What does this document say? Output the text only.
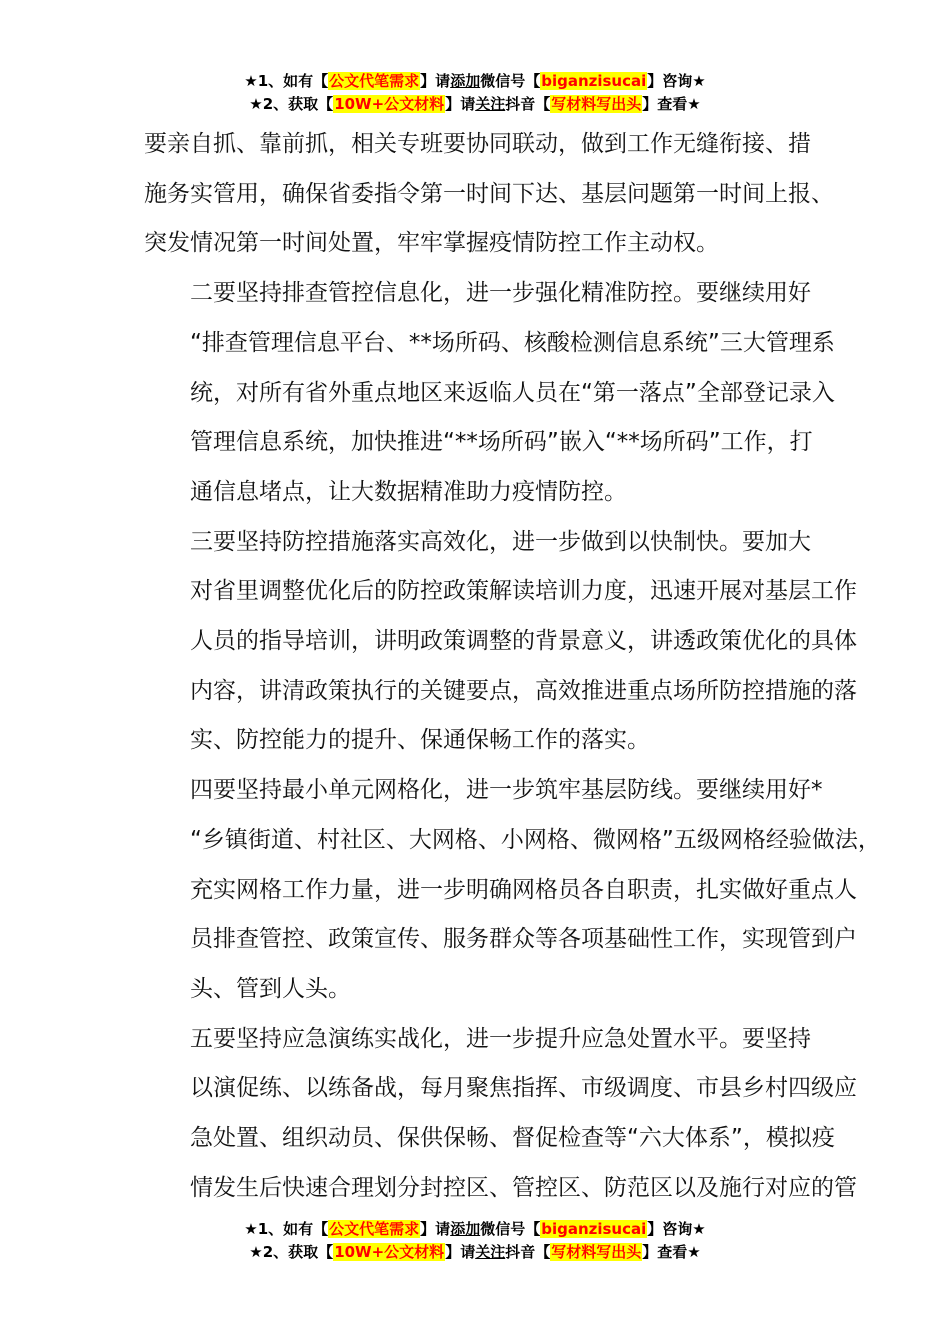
★1、如有【公文代笔需求】请添加微信号【biganzisucai】咨询★
★2、获取【10W+公文材料】请关注抖音【写材料写出头】查看★
要亲自抓、靠前抓，相关专班要协同联动，做到工作无缝衔接、措
施务实管用，确保省委指令第一时间下达、基层问题第一时间上报、
突发情况第一时间处置，牢牢掌握疫情防控工作主动权。
二要坚持排查管控信息化，进一步强化精准防控。要继续用好
“排查管理信息平台、**场所码、核酸检测信息系统”三大管理系
统，对所有省外重点地区来返临人员在“第一落点”全部登记录入
管理信息系统，加快推进“**场所码”嵌入“**场所码”工作，打
通信息堵点，让大数据精准助力疫情防控。
三要坚持防控措施落实高效化，进一步做到以快制快。要加大
对省里调整优化后的防控政策解读培训力度，迅速开展对基层工作
人员的指导培训，讲明政策调整的背景意义，讲透政策优化的具体
内容，讲清政策执行的关键要点，高效推进重点场所防控措施的落
实、防控能力的提升、保通保畅工作的落实。
四要坚持最小单元网格化，进一步筑牢基层防线。要继续用好*
“乡镇街道、村社区、大网格、小网格、微网格”五级网格经验做法，
充实网格工作力量，进一步明确网格员各自职责，扎实做好重点人
员排查管控、政策宣传、服务群众等各项基础性工作，实现管到户
头、管到人头。
五要坚持应急演练实战化，进一步提升应急处置水平。要坚持
以演促练、以练备战，每月聚焦指挥、市级调度、市县乡村四级应
急处置、组织动员、保供保畅、督促检查等“六大体系”，模拟疫
情发生后快速合理划分封控区、管控区、防范区以及施行对应的管
★1、如有【公文代笔需求】请添加微信号【biganzisucai】咨询★
★2、获取【10W+公文材料】请关注抖音【写材料写出头】查看★
